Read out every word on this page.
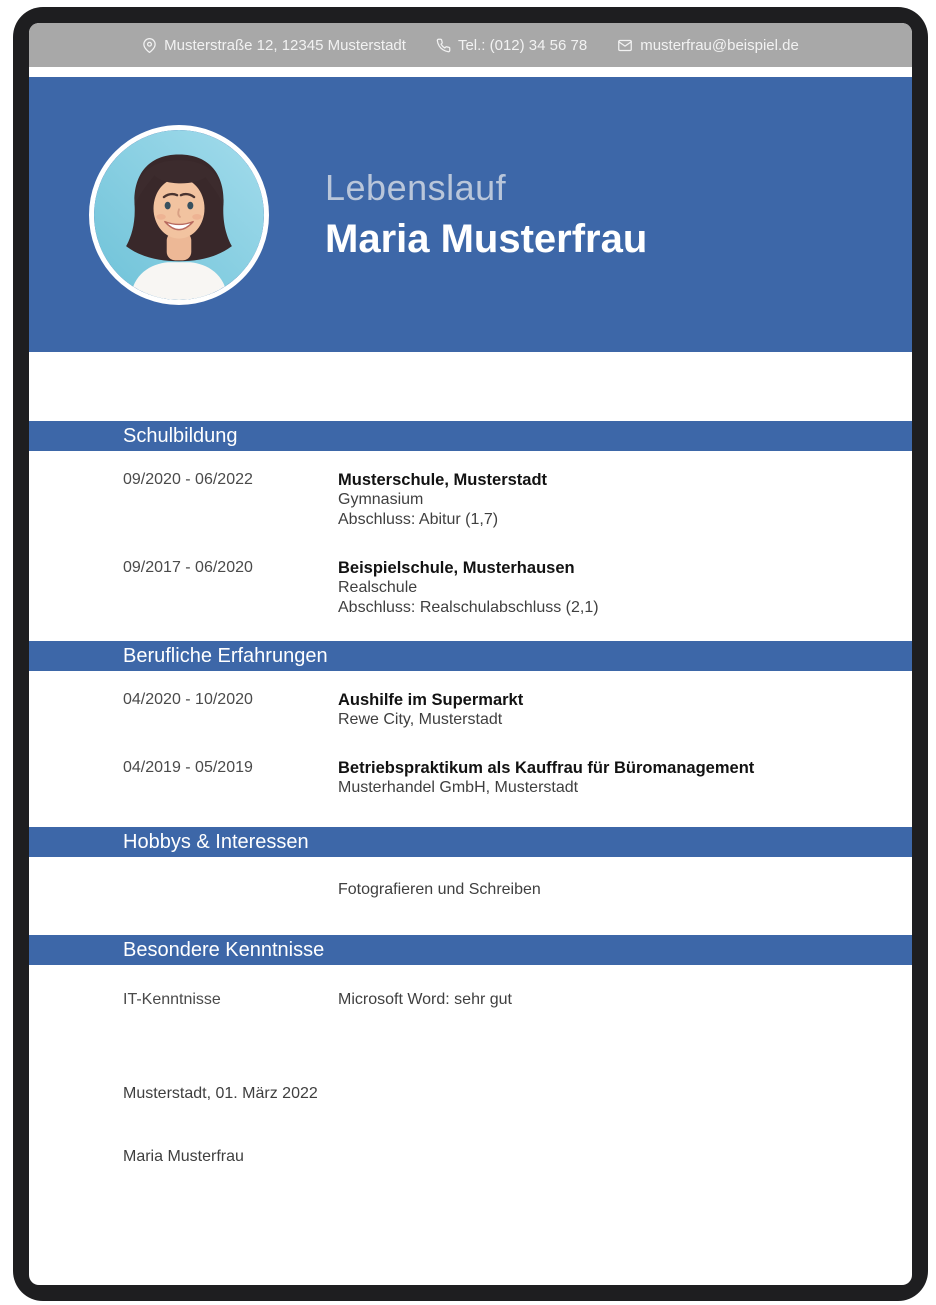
Musterstraße 12, 12345 Musterstadt	Tel.: (012) 34 56 78	musterfrau@beispiel.de
Lebenslauf
Maria Musterfrau
Schulbildung
09/2020 - 06/2022	Musterschule, Musterstadt
Gymnasium
Abschluss: Abitur (1,7)
09/2017 - 06/2020	Beispielschule, Musterhausen
Realschule
Abschluss: Realschulabschluss (2,1)
Berufliche Erfahrungen
04/2020 - 10/2020	Aushilfe im Supermarkt
Rewe City, Musterstadt
04/2019 - 05/2019	Betriebspraktikum als Kauffrau für Büromanagement
Musterhandel GmbH, Musterstadt
Hobbys & Interessen
Fotografieren und Schreiben
Besondere Kenntnisse
IT-Kenntnisse	Microsoft Word: sehr gut
Musterstadt, 01. März 2022
Maria Musterfrau
